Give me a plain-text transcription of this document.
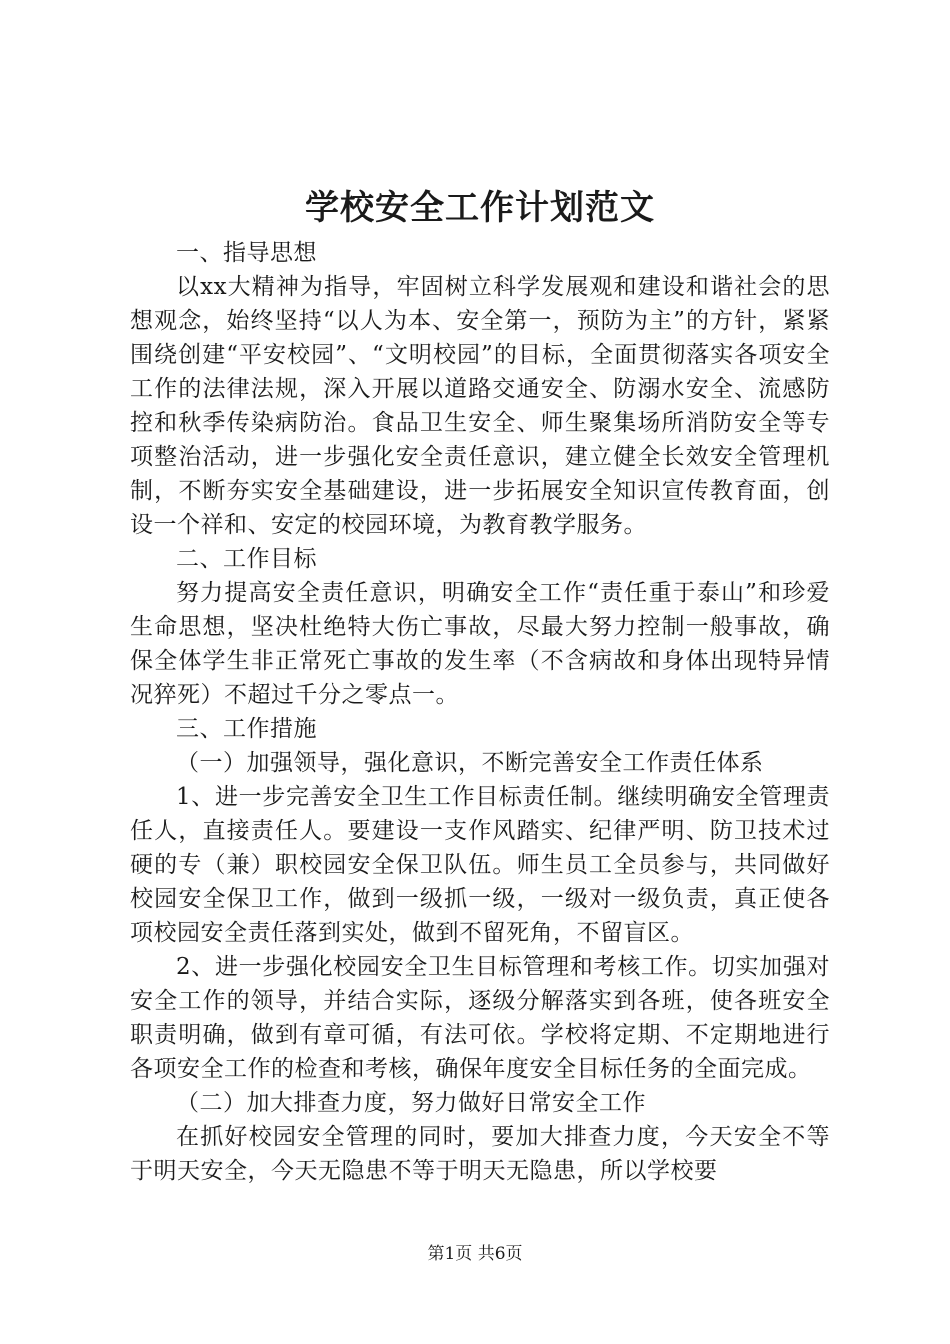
学校安全工作计划范文

一、指导思想

以xx大精神为指导，牢固树立科学发展观和建设和谐社会的思想观念，始终坚持“以人为本、安全第一，预防为主”的方针，紧紧围绕创建“平安校园”、“文明校园”的目标，全面贯彻落实各项安全工作的法律法规，深入开展以道路交通安全、防溺水安全、流感防控和秋季传染病防治。食品卫生安全、师生聚集场所消防安全等专项整治活动，进一步强化安全责任意识，建立健全长效安全管理机制，不断夯实安全基础建设，进一步拓展安全知识宣传教育面，创设一个祥和、安定的校园环境，为教育教学服务。

二、工作目标

努力提高安全责任意识，明确安全工作“责任重于泰山”和珍爱生命思想，坚决杜绝特大伤亡事故，尽最大努力控制一般事故，确保全体学生非正常死亡事故的发生率（不含病故和身体出现特异情况猝死）不超过千分之零点一。

三、工作措施

（一）加强领导，强化意识，不断完善安全工作责任体系

1、进一步完善安全卫生工作目标责任制。继续明确安全管理责任人，直接责任人。要建设一支作风踏实、纪律严明、防卫技术过硬的专（兼）职校园安全保卫队伍。师生员工全员参与，共同做好校园安全保卫工作，做到一级抓一级，一级对一级负责，真正使各项校园安全责任落到实处，做到不留死角，不留盲区。

2、进一步强化校园安全卫生目标管理和考核工作。切实加强对安全工作的领导，并结合实际，逐级分解落实到各班，使各班安全职责明确，做到有章可循，有法可依。学校将定期、不定期地进行各项安全工作的检查和考核，确保年度安全目标任务的全面完成。

（二）加大排查力度，努力做好日常安全工作

在抓好校园安全管理的同时，要加大排查力度，今天安全不等于明天安全，今天无隐患不等于明天无隐患，所以学校要

第1页 共6页
